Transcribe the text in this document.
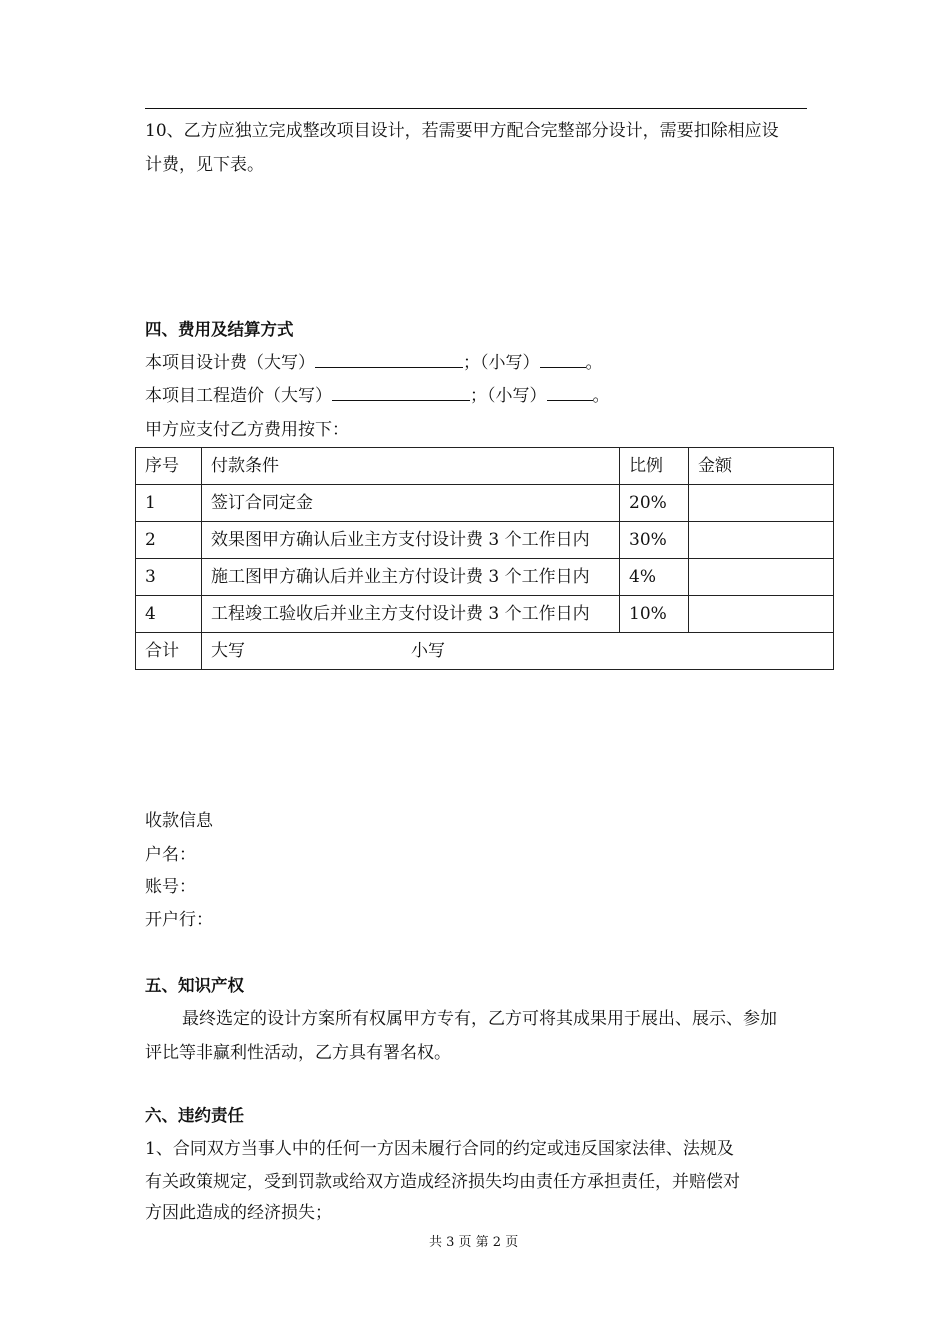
10、乙方应独立完成整改项目设计，若需要甲方配合完整部分设计，需要扣除相应设
计费，见下表。
四、费用及结算方式
本项目设计费（大写）	；（小写）	。
本项目工程造价（大写）	；（小写）	。
甲方应支付乙方费用按下：
序号	付款条件	比例	金额
1	签订合同定金	20%	
2	效果图甲方确认后业主方支付设计费 3 个工作日内	30%	
3	施工图甲方确认后并业主方付设计费 3 个工作日内	4%	
4	工程竣工验收后并业主方支付设计费 3 个工作日内	10%	
合计	大写 小写		
收款信息
户名：
账号：
开户行：
五、知识产权
最终选定的设计方案所有权属甲方专有，乙方可将其成果用于展出、展示、参加
评比等非赢利性活动，乙方具有署名权。
六、违约责任
1、合同双方当事人中的任何一方因未履行合同的约定或违反国家法律、法规及
有关政策规定，受到罚款或给双方造成经济损失均由责任方承担责任，并赔偿对
方因此造成的经济损失；
共 3 页 第 2 页
